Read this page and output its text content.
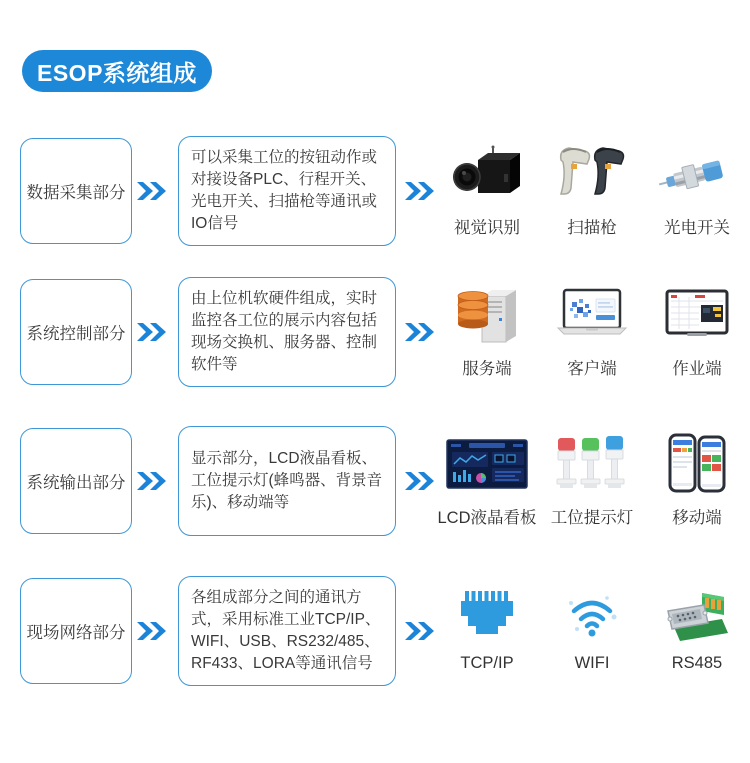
ESOP系统组成
数据采集部分
可以采集工位的按钮动作或对接设备PLC、行程开关、光电开关、扫描枪等通讯或IO信号	视觉识别	扫描枪	光电开关
系统控制部分
由上位机软硬件组成，实时监控各工位的展示内容包括现场交换机、服务器、控制软件等	服务端	客户端	作业端
系统输出部分
显示部分，LCD液晶看板、工位提示灯(蜂鸣器、背景音乐)、移动端等
LCD液晶看板 工位提示灯 移动端
现场网络部分
各组成部分之间的通讯方式，采用标准工业TCP/IP、WIFI、USB、RS232/485、RF433、LORA等通讯信号	TCP/IP	WIFI	RS485
